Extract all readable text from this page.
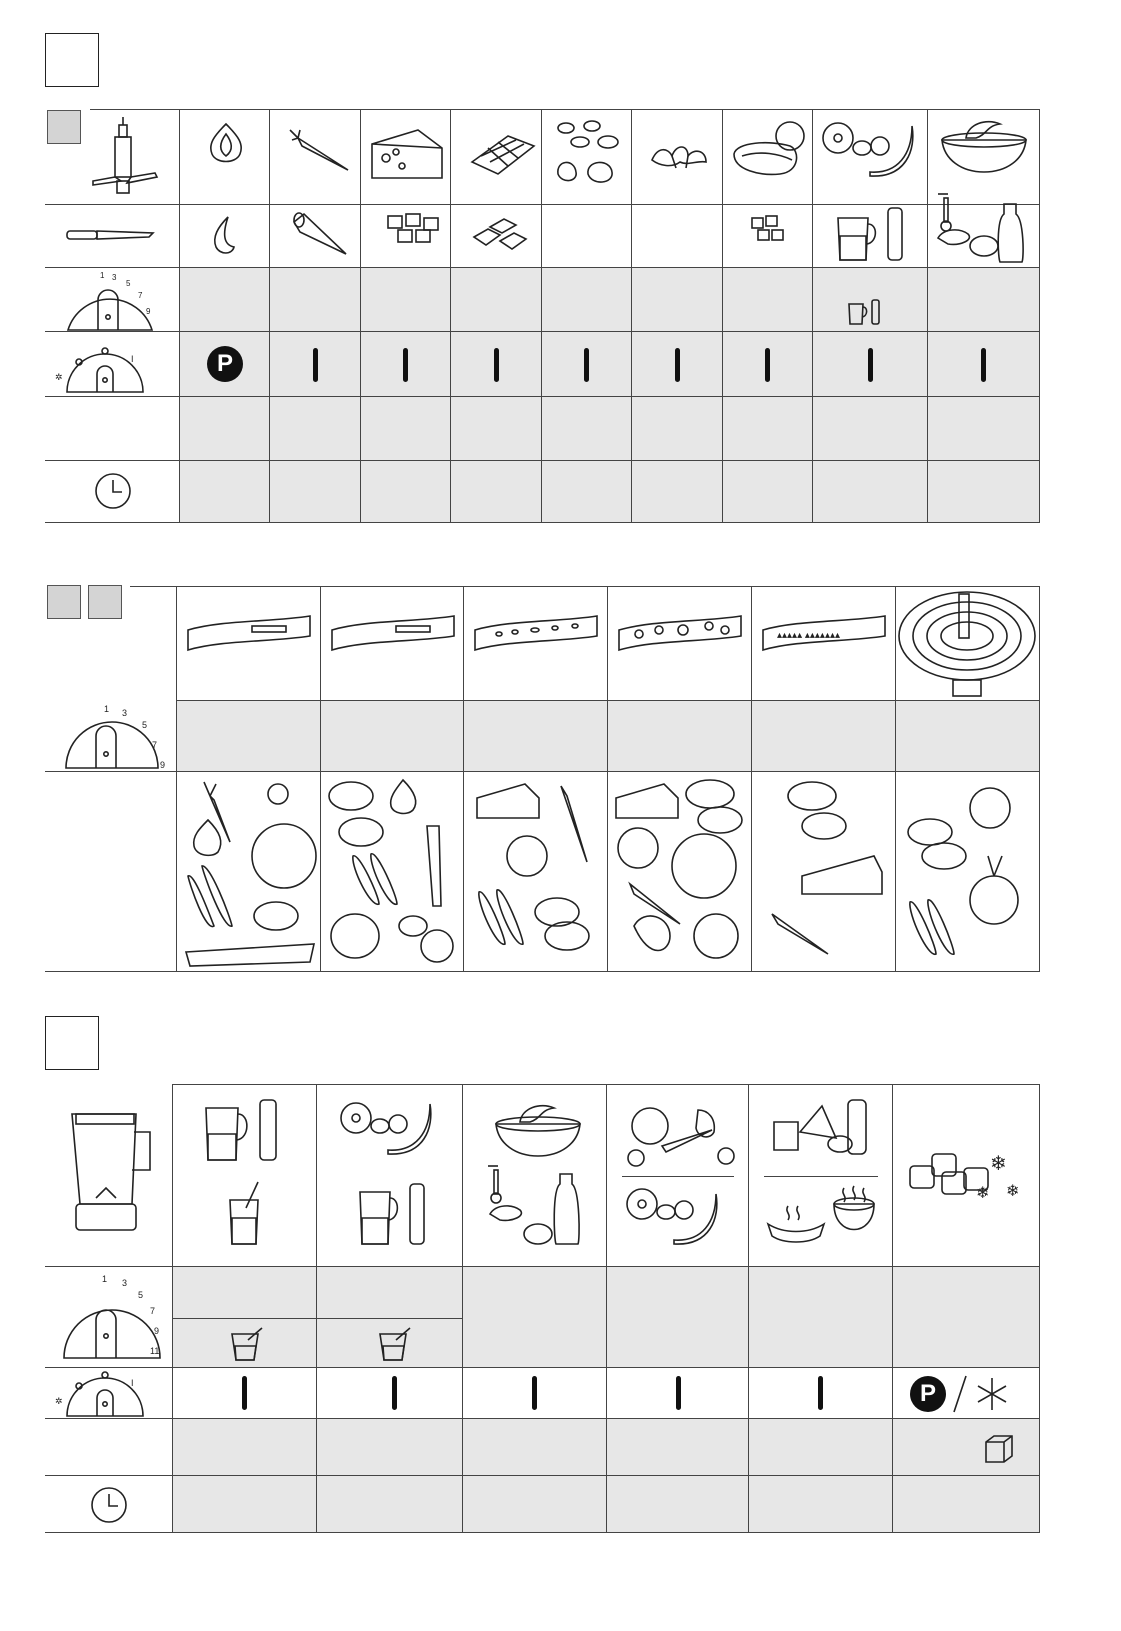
1 3
5
7
9
I
✲	P
▴▴▴▴▴ ▴▴▴▴▴▴▴
1 3
5
7
9
❄
❄ ❄
1 3
5
7
9
11
I
✲	P
